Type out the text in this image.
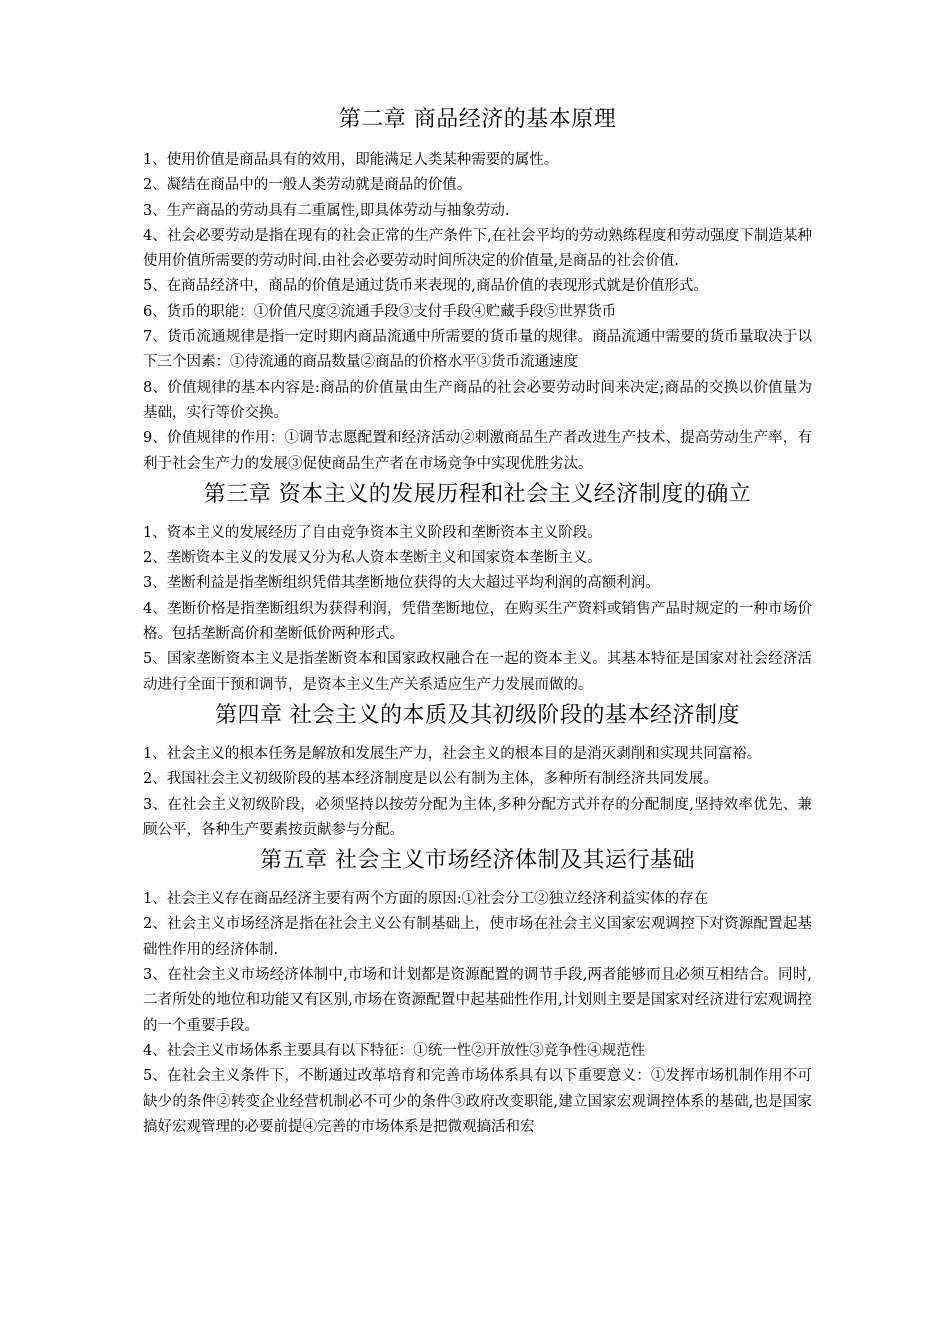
第二章 商品经济的基本原理

1、使用价值是商品具有的效用，即能满足人类某种需要的属性。

2、凝结在商品中的一般人类劳动就是商品的价值。

3、生产商品的劳动具有二重属性,即具体劳动与抽象劳动.

4、社会必要劳动是指在现有的社会正常的生产条件下,在社会平均的劳动熟练程度和劳动强度下制造某种使用价值所需要的劳动时间.由社会必要劳动时间所决定的价值量,是商品的社会价值.

5、在商品经济中，商品的价值是通过货币来表现的,商品价值的表现形式就是价值形式。

6、货币的职能：①价值尺度②流通手段③支付手段④贮藏手段⑤世界货币

7、货币流通规律是指一定时期内商品流通中所需要的货币量的规律。商品流通中需要的货币量取决于以下三个因素：①待流通的商品数量②商品的价格水平③货币流通速度

8、价值规律的基本内容是:商品的价值量由生产商品的社会必要劳动时间来决定;商品的交换以价值量为基础，实行等价交换。

9、价值规律的作用：①调节志愿配置和经济活动②刺激商品生产者改进生产技术、提高劳动生产率，有利于社会生产力的发展③促使商品生产者在市场竞争中实现优胜劣汰。

第三章 资本主义的发展历程和社会主义经济制度的确立

1、资本主义的发展经历了自由竞争资本主义阶段和垄断资本主义阶段。

2、垄断资本主义的发展又分为私人资本垄断主义和国家资本垄断主义。

3、垄断利益是指垄断组织凭借其垄断地位获得的大大超过平均利润的高额利润。

4、垄断价格是指垄断组织为获得利润，凭借垄断地位，在购买生产资料或销售产品时规定的一种市场价格。包括垄断高价和垄断低价两种形式。

5、国家垄断资本主义是指垄断资本和国家政权融合在一起的资本主义。其基本特征是国家对社会经济活动进行全面干预和调节，是资本主义生产关系适应生产力发展而做的。

第四章 社会主义的本质及其初级阶段的基本经济制度

1、社会主义的根本任务是解放和发展生产力，社会主义的根本目的是消灭剥削和实现共同富裕。

2、我国社会主义初级阶段的基本经济制度是以公有制为主体，多种所有制经济共同发展。

3、在社会主义初级阶段，必须坚持以按劳分配为主体,多种分配方式并存的分配制度,坚持效率优先、兼顾公平，各种生产要素按贡献参与分配。

第五章 社会主义市场经济体制及其运行基础

1、社会主义存在商品经济主要有两个方面的原因:①社会分工②独立经济利益实体的存在

2、社会主义市场经济是指在社会主义公有制基础上，使市场在社会主义国家宏观调控下对资源配置起基础性作用的经济体制.

3、在社会主义市场经济体制中,市场和计划都是资源配置的调节手段,两者能够而且必须互相结合。同时,二者所处的地位和功能又有区别,市场在资源配置中起基础性作用,计划则主要是国家对经济进行宏观调控的一个重要手段。

4、社会主义市场体系主要具有以下特征：①统一性②开放性③竞争性④规范性

5、在社会主义条件下，不断通过改革培育和完善市场体系具有以下重要意义：①发挥市场机制作用不可缺少的条件②转变企业经营机制必不可少的条件③政府改变职能,建立国家宏观调控体系的基础,也是国家搞好宏观管理的必要前提④完善的市场体系是把微观搞活和宏
